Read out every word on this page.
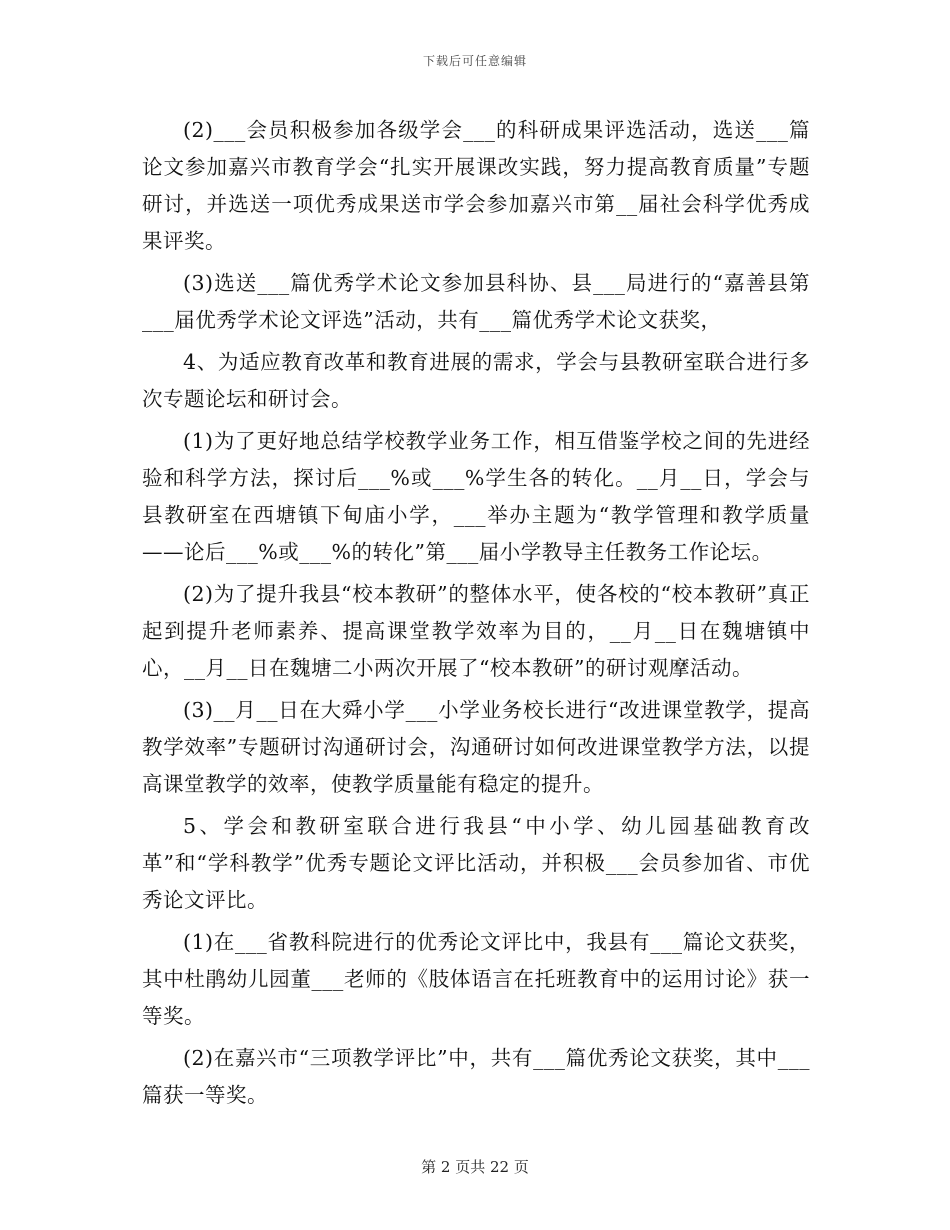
下载后可任意编辑

(2)___会员积极参加各级学会___的科研成果评选活动，选送___篇论文参加嘉兴市教育学会“扎实开展课改实践，努力提高教育质量”专题研讨，并选送一项优秀成果送市学会参加嘉兴市第__届社会科学优秀成果评奖。

(3)选送___篇优秀学术论文参加县科协、县___局进行的“嘉善县第___届优秀学术论文评选”活动，共有___篇优秀学术论文获奖，

4、为适应教育改革和教育进展的需求，学会与县教研室联合进行多次专题论坛和研讨会。

(1)为了更好地总结学校教学业务工作，相互借鉴学校之间的先进经验和科学方法，探讨后___%或___%学生各的转化。__月__日，学会与县教研室在西塘镇下甸庙小学，___举办主题为“教学管理和教学质量——论后___%或___%的转化”第___届小学教导主任教务工作论坛。

(2)为了提升我县“校本教研”的整体水平，使各校的“校本教研”真正起到提升老师素养、提高课堂教学效率为目的，__月__日在魏塘镇中心，__月__日在魏塘二小两次开展了“校本教研”的研讨观摩活动。

(3)__月__日在大舜小学___小学业务校长进行“改进课堂教学，提高教学效率”专题研讨沟通研讨会，沟通研讨如何改进课堂教学方法，以提高课堂教学的效率，使教学质量能有稳定的提升。

5、学会和教研室联合进行我县“中小学、幼儿园基础教育改革”和“学科教学”优秀专题论文评比活动，并积极___会员参加省、市优秀论文评比。

(1)在___省教科院进行的优秀论文评比中，我县有___篇论文获奖，其中杜鹃幼儿园董___老师的《肢体语言在托班教育中的运用讨论》获一等奖。

(2)在嘉兴市“三项教学评比”中，共有___篇优秀论文获奖，其中___篇获一等奖。

第 2 页共 22 页
